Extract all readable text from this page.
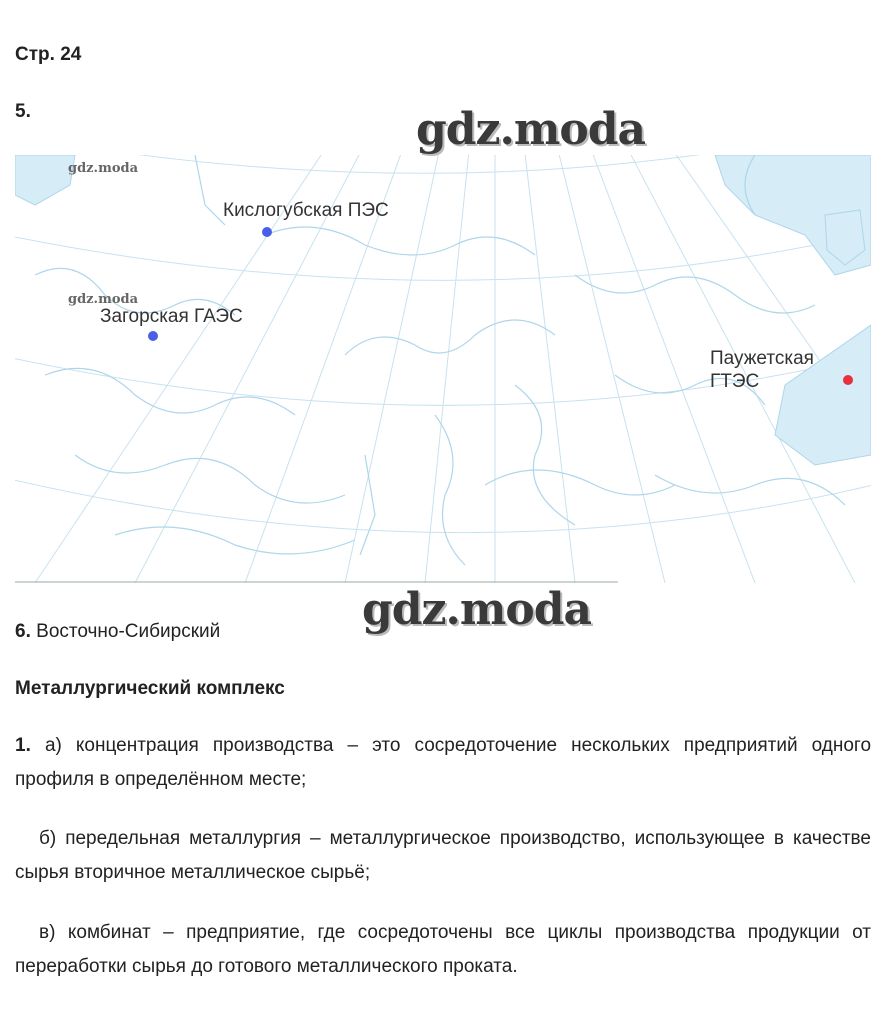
Стр. 24
5.	gdz.moda
gdz.moda
gdz.moda
Кислогубская ПЭС
Загорская ГАЭС
Паужетская
ГТЭС
gdz.moda
6. Восточно-Сибирский
Металлургический комплекс
1. а) концентрация производства – это сосредоточение нескольких предприятий одного профиля в определённом месте;
б) передельная металлургия – металлургическое производство, использующее в качестве сырья вторичное металлическое сырьё;
в) комбинат – предприятие, где сосредоточены все циклы производства продукции от переработки сырья до готового металлического проката.
